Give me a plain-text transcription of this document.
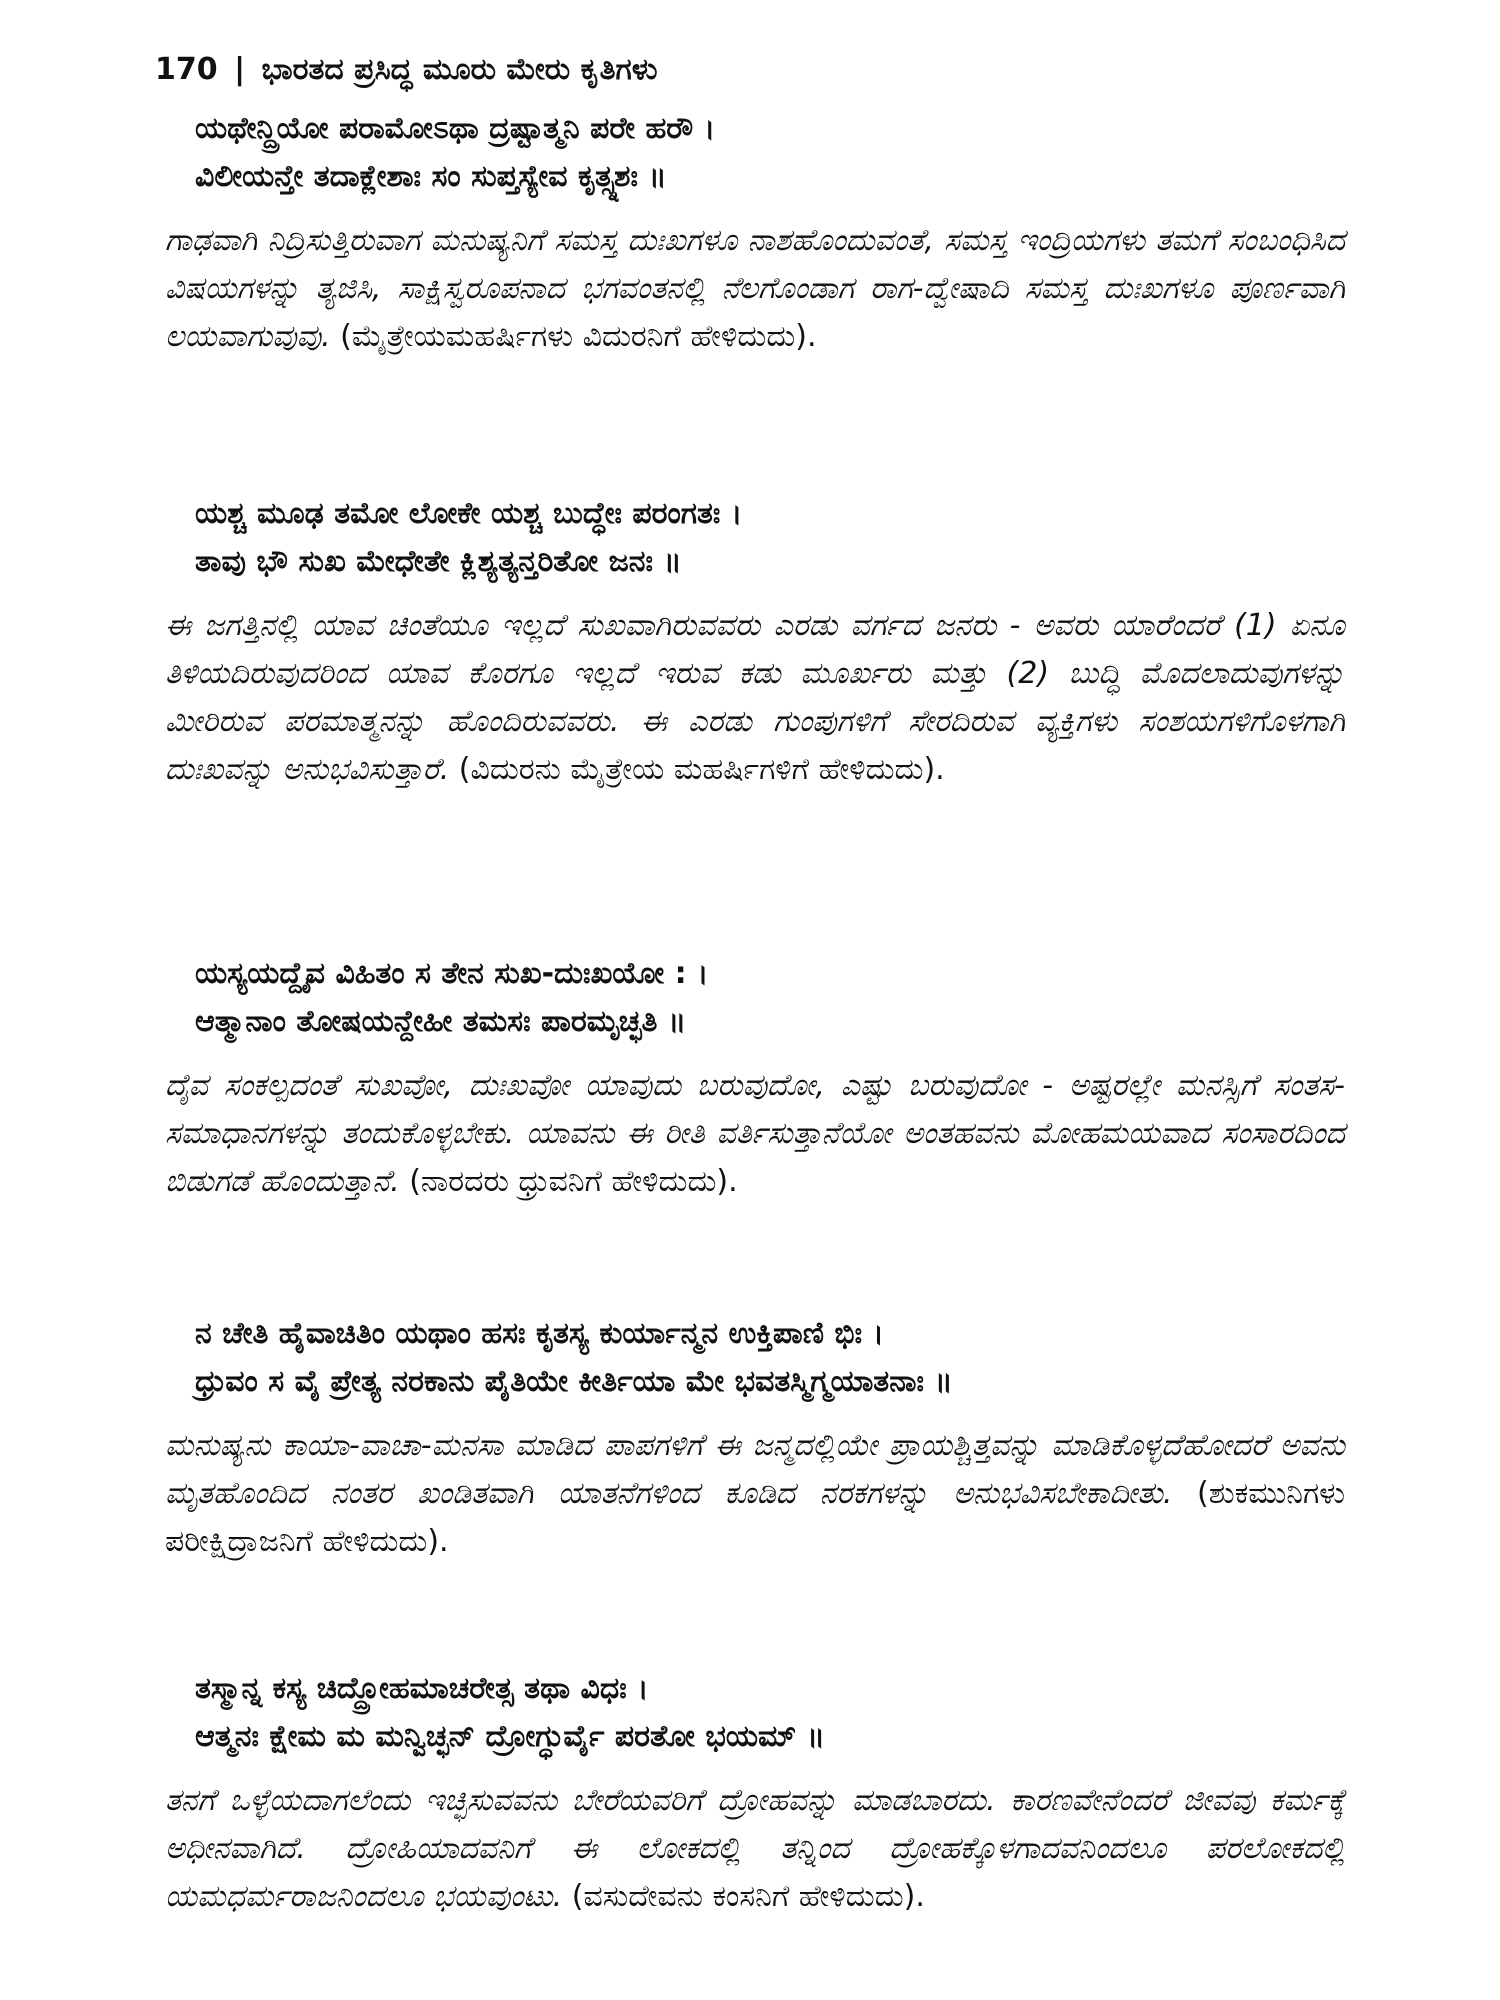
170 | ಭಾರತದ ಪ್ರಸಿದ್ಧ ಮೂರು ಮೇರು ಕೃತಿಗಳು
ಯಥೇನ್ದ್ರಿಯೋ ಪರಾಮೋಽಥಾ ದ್ರಷ್ಟಾತ್ಮನಿ ಪರೇ ಹರೌ ।
ವಿಲೀಯನ್ತೇ ತದಾಕ್ಲೇಶಾಃ ಸಂ ಸುಪ್ತಸ್ಯೇವ ಕೃತ್ಸ್ನಶಃ ॥
ಗಾಢವಾಗಿ ನಿದ್ರಿಸುತ್ತಿರುವಾಗ ಮನುಷ್ಯನಿಗೆ ಸಮಸ್ತ ದುಃಖಗಳೂ ನಾಶಹೊಂದುವಂತೆ, ಸಮಸ್ತ ಇಂದ್ರಿಯಗಳು ತಮಗೆ ಸಂಬಂಧಿಸಿದ ವಿಷಯಗಳನ್ನು ತ್ಯಜಿಸಿ, ಸಾಕ್ಷಿಸ್ವರೂಪನಾದ ಭಗವಂತನಲ್ಲಿ ನೆಲಗೊಂಡಾಗ ರಾಗ-ದ್ವೇಷಾದಿ ಸಮಸ್ತ ದುಃಖಗಳೂ ಪೂರ್ಣವಾಗಿ ಲಯವಾಗುವುವು. (ಮೈತ್ರೇಯಮಹರ್ಷಿಗಳು ವಿದುರನಿಗೆ ಹೇಳಿದುದು).
ಯಶ್ಚ ಮೂಢ ತಮೋ ಲೋಕೇ ಯಶ್ಚ ಬುದ್ಧೇಃ ಪರಂಗತಃ ।
ತಾವು ಭೌ ಸುಖ ಮೇಧೇತೇ ಕ್ಲಿಶ್ಯತ್ಯನ್ತರಿತೋ ಜನಃ ॥
ಈ ಜಗತ್ತಿನಲ್ಲಿ ಯಾವ ಚಿಂತೆಯೂ ಇಲ್ಲದೆ ಸುಖವಾಗಿರುವವರು ಎರಡು ವರ್ಗದ ಜನರು - ಅವರು ಯಾರೆಂದರೆ (1) ಏನೂ ತಿಳಿಯದಿರುವುದರಿಂದ ಯಾವ ಕೊರಗೂ ಇಲ್ಲದೆ ಇರುವ ಕಡು ಮೂರ್ಖರು ಮತ್ತು (2) ಬುದ್ಧಿ ಮೊದಲಾದುವುಗಳನ್ನು ಮೀರಿರುವ ಪರಮಾತ್ಮನನ್ನು ಹೊಂದಿರುವವರು. ಈ ಎರಡು ಗುಂಪುಗಳಿಗೆ ಸೇರದಿರುವ ವ್ಯಕ್ತಿಗಳು ಸಂಶಯಗಳಿಗೊಳಗಾಗಿ ದುಃಖವನ್ನು ಅನುಭವಿಸುತ್ತಾರೆ. (ವಿದುರನು ಮೈತ್ರೇಯ ಮಹರ್ಷಿಗಳಿಗೆ ಹೇಳಿದುದು).
ಯಸ್ಯಯದ್ದೈವ ವಿಹಿತಂ ಸ ತೇನ ಸುಖ-ದುಃಖಯೋ : ।
ಆತ್ಮಾನಾಂ ತೋಷಯನ್ದೇಹೀ ತಮಸಃ ಪಾರಮೃಚ್ಛತಿ ॥
ದೈವ ಸಂಕಲ್ಪದಂತೆ ಸುಖವೋ, ದುಃಖವೋ ಯಾವುದು ಬರುವುದೋ, ಎಷ್ಟು ಬರುವುದೋ - ಅಷ್ಟರಲ್ಲೇ ಮನಸ್ಸಿಗೆ ಸಂತಸ-ಸಮಾಧಾನಗಳನ್ನು ತಂದುಕೊಳ್ಳಬೇಕು. ಯಾವನು ಈ ರೀತಿ ವರ್ತಿಸುತ್ತಾನೆಯೋ ಅಂತಹವನು ಮೋಹಮಯವಾದ ಸಂಸಾರದಿಂದ ಬಿಡುಗಡೆ ಹೊಂದುತ್ತಾನೆ. (ನಾರದರು ಧ್ರುವನಿಗೆ ಹೇಳಿದುದು).
ನ ಚೇತಿ ಹೈವಾಚಿತಿಂ ಯಥಾಂ ಹಸಃ ಕೃತಸ್ಯ ಕುರ್ಯಾನ್ಮನ ಉಕ್ತಿಪಾಣಿ ಭಿಃ ।
ಧ್ರುವಂ ಸ ವೈ ಪ್ರೇತ್ಯ ನರಕಾನು ಪೈತಿಯೇ ಕೀರ್ತಿಯಾ ಮೇ ಭವತಸ್ಮಿಗ್ಮಯಾತನಾಃ ॥
ಮನುಷ್ಯನು ಕಾಯಾ-ವಾಚಾ-ಮನಸಾ ಮಾಡಿದ ಪಾಪಗಳಿಗೆ ಈ ಜನ್ಮದಲ್ಲಿಯೇ ಪ್ರಾಯಶ್ಚಿತ್ತವನ್ನು ಮಾಡಿಕೊಳ್ಳದೆಹೋದರೆ ಅವನು ಮೃತಹೊಂದಿದ ನಂತರ ಖಂಡಿತವಾಗಿ ಯಾತನೆಗಳಿಂದ ಕೂಡಿದ ನರಕಗಳನ್ನು ಅನುಭವಿಸಬೇಕಾದೀತು. (ಶುಕಮುನಿಗಳು ಪರೀಕ್ಷಿದ್ರಾಜನಿಗೆ ಹೇಳಿದುದು).
ತಸ್ಮಾನ್ನ ಕಸ್ಯ ಚಿದ್ದ್ರೋಹಮಾಚರೇತ್ಸ ತಥಾ ವಿಧಃ ।
ಆತ್ಮನಃ ಕ್ಷೇಮ ಮ ಮನ್ವಿಚ್ಛನ್ ದ್ರೋಗ್ಧುರ್ವೈ ಪರತೋ ಭಯಮ್ ॥
ತನಗೆ ಒಳ್ಳೆಯದಾಗಲೆಂದು ಇಚ್ಛಿಸುವವನು ಬೇರೆಯವರಿಗೆ ದ್ರೋಹವನ್ನು ಮಾಡಬಾರದು. ಕಾರಣವೇನೆಂದರೆ ಜೀವವು ಕರ್ಮಕ್ಕೆ ಅಧೀನವಾಗಿದೆ. ದ್ರೋಹಿಯಾದವನಿಗೆ ಈ ಲೋಕದಲ್ಲಿ ತನ್ನಿಂದ ದ್ರೋಹಕ್ಕೊಳಗಾದವನಿಂದಲೂ ಪರಲೋಕದಲ್ಲಿ ಯಮಧರ್ಮರಾಜನಿಂದಲೂ ಭಯವುಂಟು. (ವಸುದೇವನು ಕಂಸನಿಗೆ ಹೇಳಿದುದು).
